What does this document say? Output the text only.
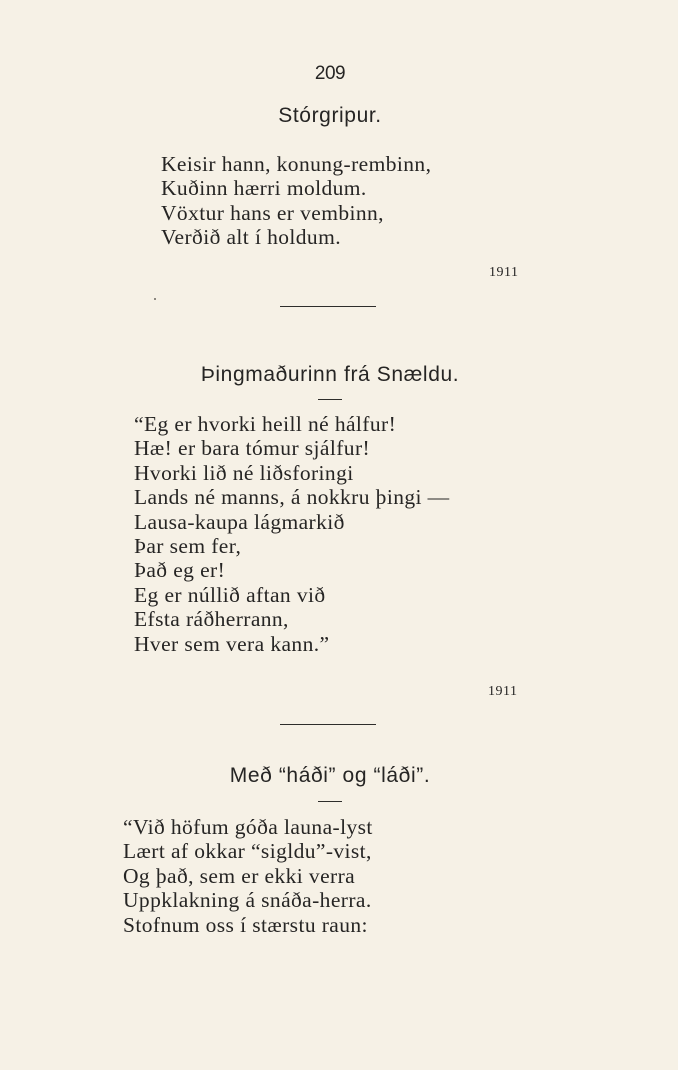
209
Stórgripur.
Keisir hann, konung-rembinn,
Kuðinn hærri moldum.
Vöxtur hans er vembinn,
Verðið alt í holdum.
1911
Þingmaðurinn frá Snældu.
“Eg er hvorki heill né hálfur!
Hæ! er bara tómur sjálfur!
Hvorki lið né liðsforingi
Lands né manns, á nokkru þingi —
Lausa-kaupa lágmarkið
Þar sem fer,
Það eg er!
Eg er núllið aftan við
Efsta ráðherrann,
Hver sem vera kann.”
1911
Með “háði” og “láði”.
“Við höfum góða launa-lyst
Lært af okkar “sigldu”-vist,
Og það, sem er ekki verra
Uppklakning á snáða-herra.
Stofnum oss í stærstu raun:
